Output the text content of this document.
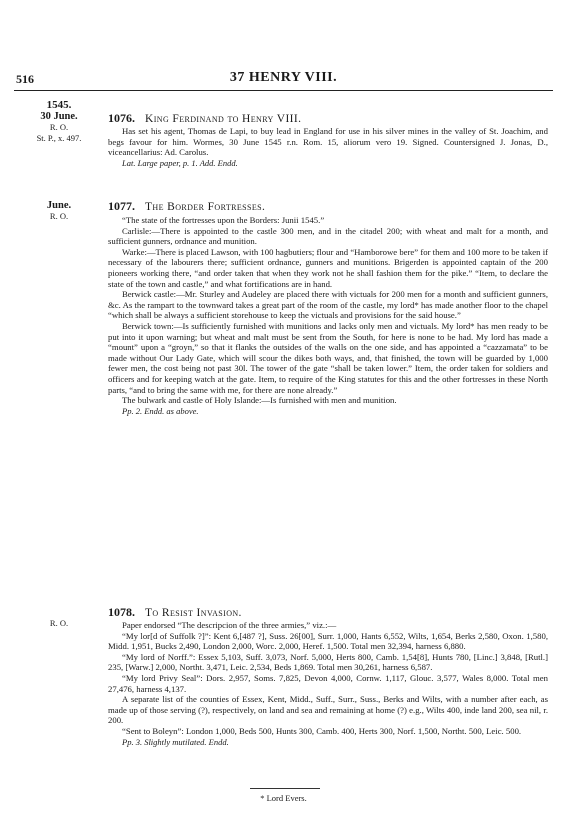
516	37 HENRY VIII.
1545.
30 June.
R. O.
St. P., x. 497.
1076. King Ferdinand to Henry VIII.

Has set his agent, Thomas de Lapi, to buy lead in England for use in his silver mines in the valley of St. Joachim, and begs favour for him. Wormes, 30 June 1545 r.n. Rom. 15, aliorum vero 19. Signed. Countersigned J. Jonas, D., viceancellarius: Ad. Carolus.

Lat. Large paper, p. 1. Add. Endd.
June.
R. O.
1077. The Border Fortresses.

“The state of the fortresses upon the Borders: Junii 1545.”

Carlisle:—There is appointed to the castle 300 men, and in the citadel 200; with wheat and malt for a month, and sufficient gunners, ordnance and munition.

Warke:—There is placed Lawson, with 100 hagbutiers; flour and “Hamborowe bere” for them and 100 more to be taken if necessary of the labourers there; sufficient ordnance, gunners and munitions. Brigerden is appointed captain of the 200 pioneers working there, “and order taken that when they work not he shall fashion them for the pike.” “Item, to declare the state of the town and castle,” and what fortifications are in hand.

Berwick castle:—Mr. Sturley and Audeley are placed there with victuals for 200 men for a month and sufficient gunners, &c. As the rampart to the townward takes a great part of the room of the castle, my lord* has made another floor to the chapel “which shall be always a sufficient storehouse to keep the victuals and provisions for the said house.”

Berwick town:—Is sufficiently furnished with munitions and lacks only men and victuals. My lord* has men ready to be put into it upon warning; but wheat and malt must be sent from the South, for here is none to be had. My lord has made a “mount” upon a “groyn,” so that it flanks the outsides of the walls on the one side, and has appointed a “cazzamata” to be made without Our Lady Gate, which will scour the dikes both ways, and, that finished, the town will be guarded by 1,000 fewer men, the cost being not past 30l. The tower of the gate “shall be taken lower.” Item, the order taken for soldiers and officers and for keeping watch at the gate. Item, to require of the King statutes for this and the other fortresses in these North parts, “and to bring the same with me, for there are none already.”

The bulwark and castle of Holy Islande:—Is furnished with men and munition.

Pp. 2. Endd. as above.
R. O.
1078. To Resist Invasion.

Paper endorsed “The descripcion of the three armies,” viz.:—

“My lor[d of Suffolk ?]”: Kent 6,[487 ?], Suss. 26[00], Surr. 1,000, Hants 6,552, Wilts, 1,654, Berks 2,580, Oxon. 1,580, Midd. 1,951, Bucks 2,490, London 2,000, Worc. 2,000, Heref. 1,500. Total men 32,394, harness 6,880.

“My lord of Norff.”: Essex 5,103, Suff. 3,073, Norf. 5,000, Herts 800, Camb. 1,54[8], Hunts 780, [Linc.] 3,848, [Rutl.] 235, [Warw.] 2,000, Northt. 3,471, Leic. 2,534, Beds 1,869. Total men 30,261, harness 6,587.

“My lord Privy Seal”: Dors. 2,957, Soms. 7,825, Devon 4,000, Cornw. 1,117, Glouc. 3,577, Wales 8,000. Total men 27,476, harness 4,137.

A separate list of the counties of Essex, Kent, Midd., Suff., Surr., Suss., Berks and Wilts, with a number after each, as made up of those serving (?), respectively, on land and sea and remaining at home (?) e.g., Wilts 400, inde land 200, sea nil, r. 200.

“Sent to Boleyn”: London 1,000, Beds 500, Hunts 300, Camb. 400, Herts 300, Norf. 1,500, Northt. 500, Leic. 500.

Pp. 3. Slightly mutilated. Endd.
* Lord Evers.
